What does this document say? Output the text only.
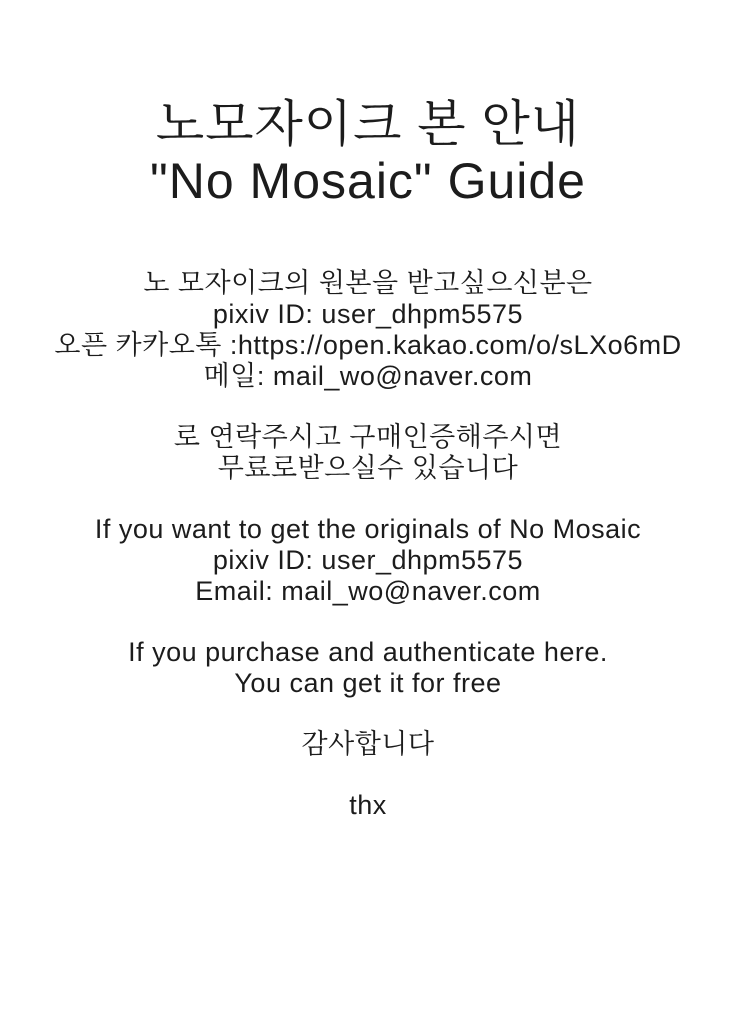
노모자이크 본 안내
"No Mosaic" Guide
노 모자이크의 원본을 받고싶으신분은
pixiv ID: user_dhpm5575
오픈 카카오톡 :https://open.kakao.com/o/sLXo6mD
메일: mail_wo@naver.com
로 연락주시고 구매인증해주시면
무료로받으실수 있습니다
If you want to get the originals of No Mosaic
pixiv ID: user_dhpm5575
Email: mail_wo@naver.com
If you purchase and authenticate here.
You can get it for free
감사합니다
thx
